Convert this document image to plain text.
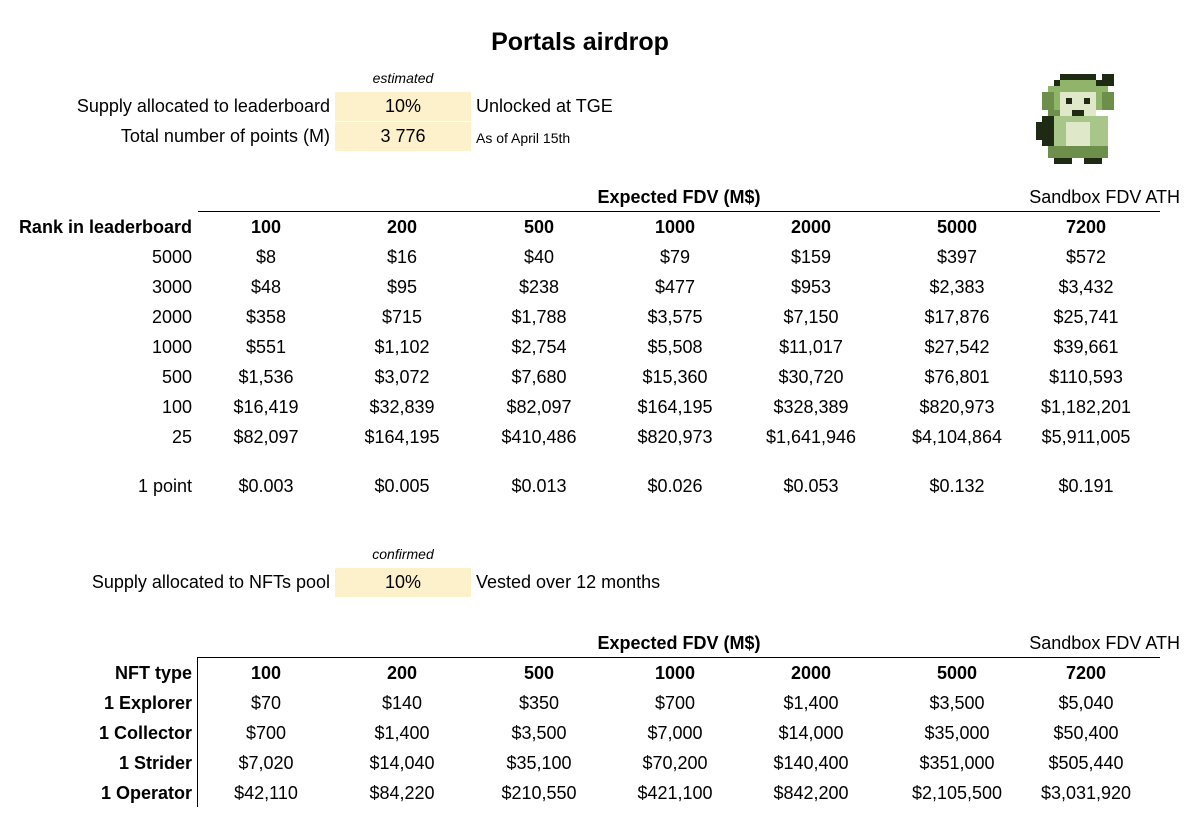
Portals airdrop
estimated
Supply allocated to leaderboard	10%	Unlocked at TGE
Total number of points (M)	3 776	As of April 15th
Expected FDV (M$)	Sandbox FDV ATH
Rank in leaderboard	100	200	500	1000	2000	5000	7200
5000	$8	$16	$40	$79	$159	$397	$572
3000	$48	$95	$238	$477	$953	$2,383	$3,432
2000	$358	$715	$1,788	$3,575	$7,150	$17,876	$25,741
1000	$551	$1,102	$2,754	$5,508	$11,017	$27,542	$39,661
500	$1,536	$3,072	$7,680	$15,360	$30,720	$76,801	$110,593
100	$16,419	$32,839	$82,097	$164,195	$328,389	$820,973	$1,182,201
25	$82,097	$164,195	$410,486	$820,973	$1,641,946	$4,104,864	$5,911,005
1 point	$0.003	$0.005	$0.013	$0.026	$0.053	$0.132	$0.191
confirmed
Supply allocated to NFTs pool	10%	Vested over 12 months
Expected FDV (M$)	Sandbox FDV ATH
NFT type	100	200	500	1000	2000	5000	7200
1 Explorer	$70	$140	$350	$700	$1,400	$3,500	$5,040
1 Collector	$700	$1,400	$3,500	$7,000	$14,000	$35,000	$50,400
1 Strider	$7,020	$14,040	$35,100	$70,200	$140,400	$351,000	$505,440
1 Operator	$42,110	$84,220	$210,550	$421,100	$842,200	$2,105,500	$3,031,920
